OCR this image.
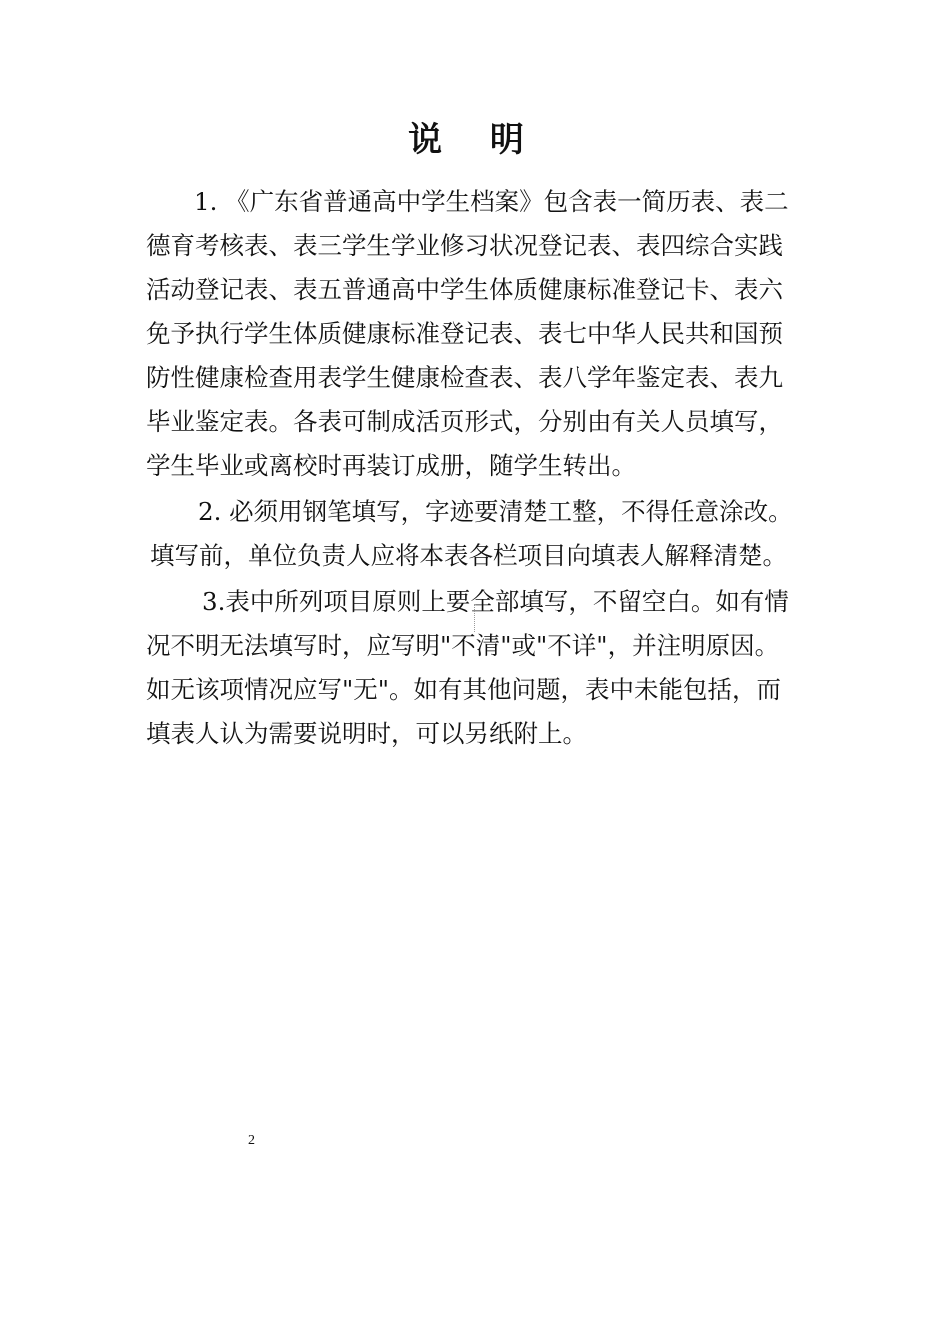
说 明
1. 《广东省普通高中学生档案》包含表一简历表、表二
德育考核表、表三学生学业修习状况登记表、表四综合实践
活动登记表、表五普通高中学生体质健康标准登记卡、表六
免予执行学生体质健康标准登记表、表七中华人民共和国预
防性健康检查用表学生健康检查表、表八学年鉴定表、表九
毕业鉴定表。各表可制成活页形式，分别由有关人员填写，
学生毕业或离校时再装订成册，随学生转出。
2. 必须用钢笔填写，字迹要清楚工整，不得任意涂改。
填写前，单位负责人应将本表各栏项目向填表人解释清楚。
3.表中所列项目原则上要全部填写，不留空白。如有情
况不明无法填写时，应写明"不清"或"不详"，并注明原因。
如无该项情况应写"无"。如有其他问题，表中未能包括，而
填表人认为需要说明时，可以另纸附上。
2
